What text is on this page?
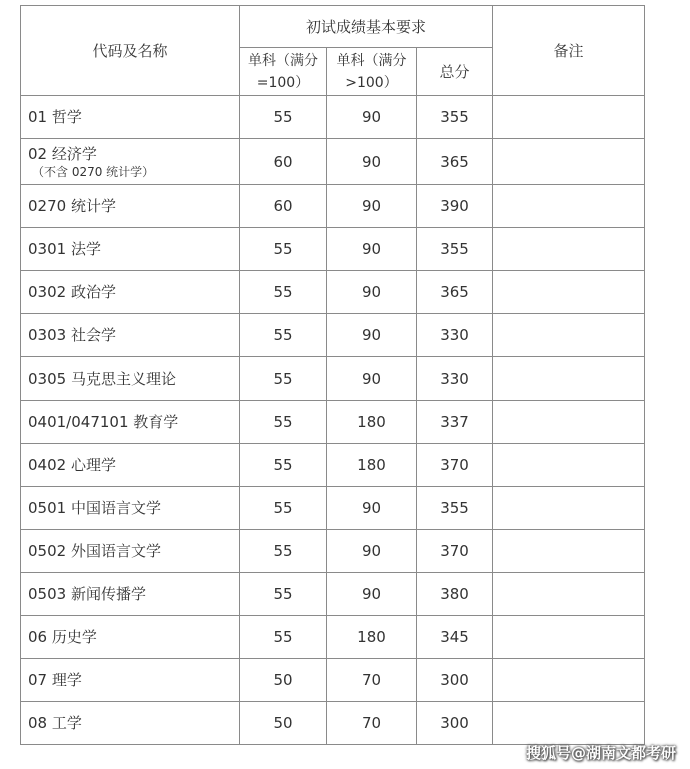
代码及名称	初试成绩基本要求			备注
	单科（满分=100）	单科（满分>100）	总分	

01 哲学	55	90	355	

02 经济学
（不含 0270 统计学）	60	90	365	

0270 统计学	60	90	390	

0301 法学	55	90	355	

0302 政治学	55	90	365	

0303 社会学	55	90	330	

0305 马克思主义理论	55	90	330	

0401/047101 教育学	55	180	337	

0402 心理学	55	180	370	

0501 中国语言文学	55	90	355	

0502 外国语言文学	55	90	370	

0503 新闻传播学	55	90	380	

06 历史学	55	180	345	

07 理学	50	70	300	

08 工学	50	70	300	
搜狐号@湖南文都考研
